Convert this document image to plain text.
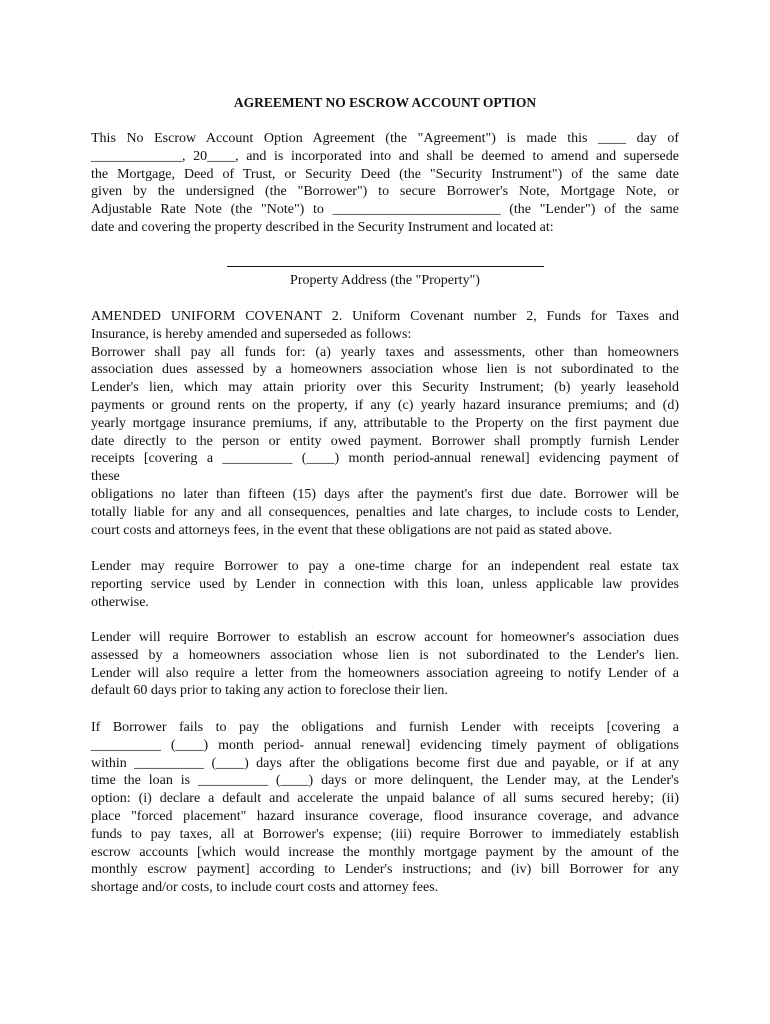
AGREEMENT NO ESCROW ACCOUNT OPTION
This No Escrow Account Option Agreement (the "Agreement") is made this ____ day of
_____________, 20____, and is incorporated into and shall be deemed to amend and supersede
the Mortgage, Deed of Trust, or Security Deed (the "Security Instrument") of the same date
given by the undersigned (the "Borrower") to secure Borrower's Note, Mortgage Note, or
Adjustable Rate Note (the "Note") to ________________________ (the "Lender") of the same
date and covering the property described in the Security Instrument and located at:
Property Address (the "Property")
AMENDED UNIFORM COVENANT 2. Uniform Covenant number 2, Funds for Taxes and
Insurance, is hereby amended and superseded as follows:
Borrower shall pay all funds for: (a) yearly taxes and assessments, other than homeowners
association dues assessed by a homeowners association whose lien is not subordinated to the
Lender's lien, which may attain priority over this Security Instrument; (b) yearly leasehold
payments or ground rents on the property, if any (c) yearly hazard insurance premiums; and (d)
yearly mortgage insurance premiums, if any, attributable to the Property on the first payment due
date directly to the person or entity owed payment. Borrower shall promptly furnish Lender
receipts [covering a __________ (____) month period-annual renewal] evidencing payment of
these
obligations no later than fifteen (15) days after the payment's first due date. Borrower will be
totally liable for any and all consequences, penalties and late charges, to include costs to Lender,
court costs and attorneys fees, in the event that these obligations are not paid as stated above.
Lender may require Borrower to pay a one-time charge for an independent real estate tax
reporting service used by Lender in connection with this loan, unless applicable law provides
otherwise.
Lender will require Borrower to establish an escrow account for homeowner's association dues
assessed by a homeowners association whose lien is not subordinated to the Lender's lien.
Lender will also require a letter from the homeowners association agreeing to notify Lender of a
default 60 days prior to taking any action to foreclose their lien.
If Borrower fails to pay the obligations and furnish Lender with receipts [covering a
__________ (____) month period- annual renewal] evidencing timely payment of obligations
within __________ (____) days after the obligations become first due and payable, or if at any
time the loan is __________ (____) days or more delinquent, the Lender may, at the Lender's
option: (i) declare a default and accelerate the unpaid balance of all sums secured hereby; (ii)
place "forced placement" hazard insurance coverage, flood insurance coverage, and advance
funds to pay taxes, all at Borrower's expense; (iii) require Borrower to immediately establish
escrow accounts [which would increase the monthly mortgage payment by the amount of the
monthly escrow payment] according to Lender's instructions; and (iv) bill Borrower for any
shortage and/or costs, to include court costs and attorney fees.
